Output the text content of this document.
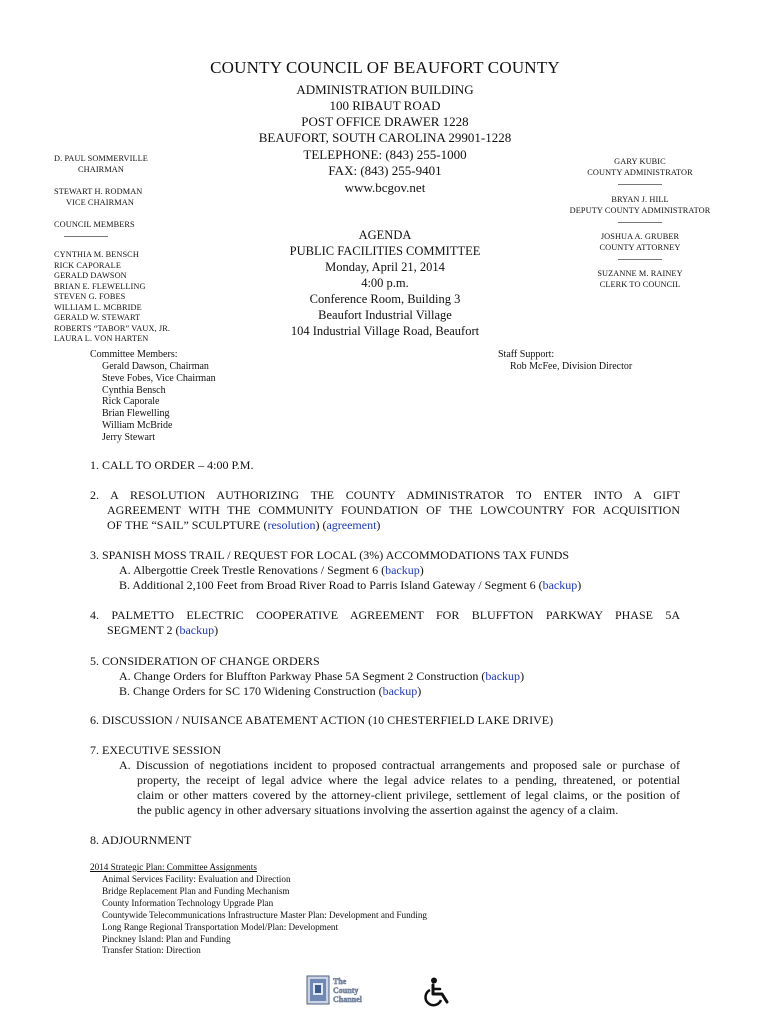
COUNTY COUNCIL OF BEAUFORT COUNTY
ADMINISTRATION BUILDING
100 RIBAUT ROAD
POST OFFICE DRAWER 1228
BEAUFORT, SOUTH CAROLINA 29901-1228
TELEPHONE: (843) 255-1000
FAX: (843) 255-9401
www.bcgov.net
D. PAUL SOMMERVILLE
CHAIRMAN
STEWART H. RODMAN
VICE CHAIRMAN
COUNCIL MEMBERS
CYNTHIA M. BENSCH
RICK CAPORALE
GERALD DAWSON
BRIAN E. FLEWELLING
STEVEN G. FOBES
WILLIAM L. MCBRIDE
GERALD W. STEWART
ROBERTS “TABOR” VAUX, JR.
LAURA L. VON HARTEN
GARY KUBIC
COUNTY ADMINISTRATOR
BRYAN J. HILL
DEPUTY COUNTY ADMINISTRATOR
JOSHUA A. GRUBER
COUNTY ATTORNEY
SUZANNE M. RAINEY
CLERK TO COUNCIL
AGENDA
PUBLIC FACILITIES COMMITTEE
Monday, April 21, 2014
4:00 p.m.
Conference Room, Building 3
Beaufort Industrial Village
104 Industrial Village Road, Beaufort
Committee Members:
Gerald Dawson, Chairman
Steve Fobes, Vice Chairman
Cynthia Bensch
Rick Caporale
Brian Flewelling
William McBride
Jerry Stewart
Staff Support:
Rob McFee, Division Director
1. CALL TO ORDER – 4:00 P.M.
2. A RESOLUTION AUTHORIZING THE COUNTY ADMINISTRATOR TO ENTER INTO A GIFT
AGREEMENT WITH THE COMMUNITY FOUNDATION OF THE LOWCOUNTRY FOR ACQUISITION
OF THE “SAIL” SCULPTURE (resolution) (agreement)
3. SPANISH MOSS TRAIL / REQUEST FOR LOCAL (3%) ACCOMMODATIONS TAX FUNDS
A. Albergottie Creek Trestle Renovations / Segment 6 (backup)
B. Additional 2,100 Feet from Broad River Road to Parris Island Gateway / Segment 6 (backup)
4. PALMETTO ELECTRIC COOPERATIVE AGREEMENT FOR BLUFFTON PARKWAY PHASE 5A
SEGMENT 2 (backup)
5. CONSIDERATION OF CHANGE ORDERS
A. Change Orders for Bluffton Parkway Phase 5A Segment 2 Construction (backup)
B. Change Orders for SC 170 Widening Construction (backup)
6. DISCUSSION / NUISANCE ABATEMENT ACTION (10 CHESTERFIELD LAKE DRIVE)
7. EXECUTIVE SESSION
A. Discussion of negotiations incident to proposed contractual arrangements and proposed sale or purchase of
property, the receipt of legal advice where the legal advice relates to a pending, threatened, or potential
claim or other matters covered by the attorney-client privilege, settlement of legal claims, or the position of
the public agency in other adversary situations involving the assertion against the agency of a claim.
8. ADJOURNMENT
2014 Strategic Plan: Committee Assignments
Animal Services Facility: Evaluation and Direction
Bridge Replacement Plan and Funding Mechanism
County Information Technology Upgrade Plan
Countywide Telecommunications Infrastructure Master Plan: Development and Funding
Long Range Regional Transportation Model/Plan: Development
Pinckney Island: Plan and Funding
Transfer Station: Direction
The
County
Channel
